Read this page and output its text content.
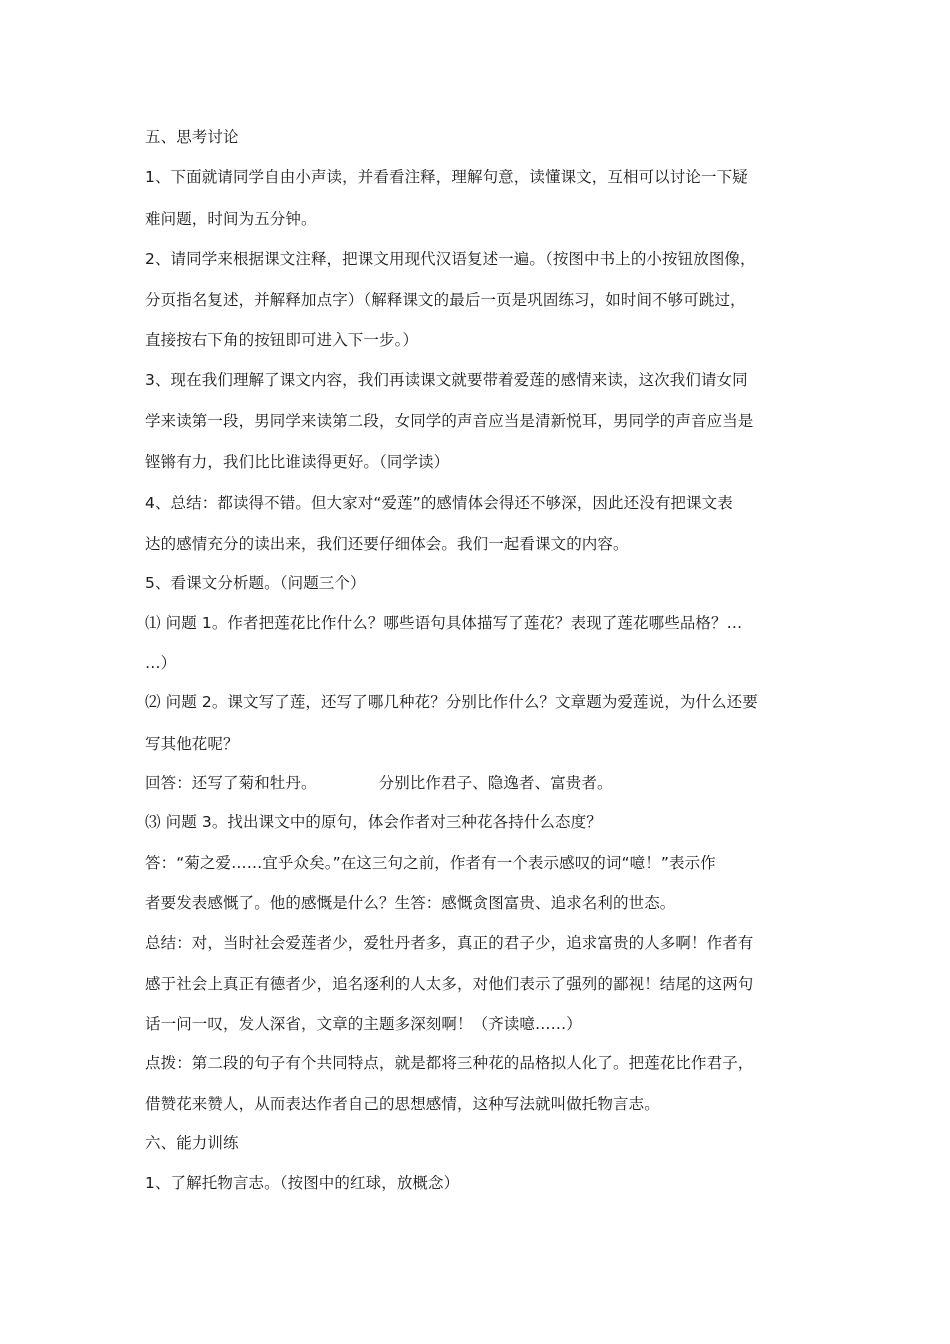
五、思考讨论
1、下面就请同学自由小声读，并看看注释，理解句意，读懂课文，互相可以讨论一下疑
难问题，时间为五分钟。
2、请同学来根据课文注释，把课文用现代汉语复述一遍。（按图中书上的小按钮放图像，
分页指名复述，并解释加点字）（解释课文的最后一页是巩固练习，如时间不够可跳过，
直接按右下角的按钮即可进入下一步。）
3、现在我们理解了课文内容，我们再读课文就要带着爱莲的感情来读，这次我们请女同
学来读第一段，男同学来读第二段，女同学的声音应当是清新悦耳，男同学的声音应当是
铿锵有力，我们比比谁读得更好。（同学读）
4、总结：都读得不错。但大家对“爱莲”的感情体会得还不够深，因此还没有把课文表
达的感情充分的读出来，我们还要仔细体会。我们一起看课文的内容。
5、看课文分析题。（问题三个）
⑴ 问题 1。作者把莲花比作什么？哪些语句具体描写了莲花？表现了莲花哪些品格？…
…）
⑵ 问题 2。课文写了莲，还写了哪几种花？分别比作什么？文章题为爱莲说，为什么还要
写其他花呢？
回答：还写了菊和牡丹。	分别比作君子、隐逸者、富贵者。
⑶ 问题 3。找出课文中的原句，体会作者对三种花各持什么态度？
答：“菊之爱……宜乎众矣。”在这三句之前，作者有一个表示感叹的词“噫！”表示作
者要发表感慨了。他的感慨是什么？生答：感慨贪图富贵、追求名利的世态。
总结：对，当时社会爱莲者少，爱牡丹者多，真正的君子少，追求富贵的人多啊！作者有
感于社会上真正有德者少，追名逐利的人太多，对他们表示了强列的鄙视！结尾的这两句
话一问一叹，发人深省，文章的主题多深刻啊！（齐读噫……）
点拨：第二段的句子有个共同特点，就是都将三种花的品格拟人化了。把莲花比作君子，
借赞花来赞人，从而表达作者自己的思想感情，这种写法就叫做托物言志。
六、能力训练
1、了解托物言志。（按图中的红球，放概念）
